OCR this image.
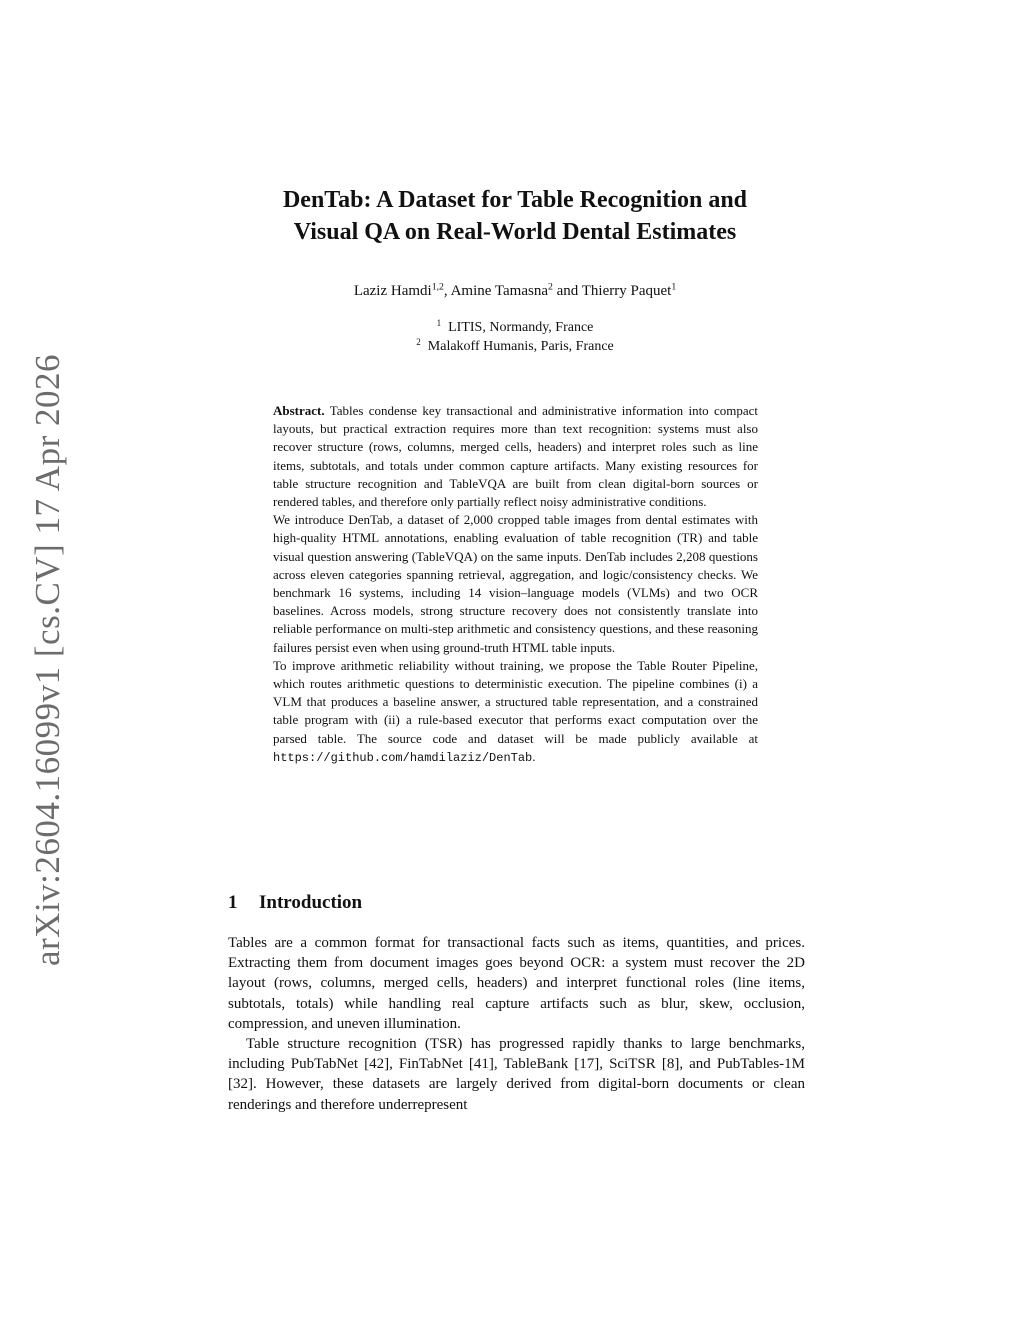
arXiv:2604.16099v1 [cs.CV] 17 Apr 2026
DenTab: A Dataset for Table Recognition and
Visual QA on Real-World Dental Estimates
Laziz Hamdi$^{1,2}$, Amine Tamasna$^2$ and Thierry Paquet$^1$
$^1$ LITIS, Normandy, France
$^2$ Malakoff Humanis, Paris, France

Abstract. Tables condense key transactional and administrative information into compact layouts, but practical extraction requires more than text recognition: systems must also recover structure (rows, columns, merged cells, headers) and interpret roles such as line items, subtotals, and totals under common capture artifacts. Many existing resources for table structure recognition and TableVQA are built from clean digital-born sources or rendered tables, and therefore only partially reflect noisy administrative conditions.

We introduce DenTab, a dataset of 2,000 cropped table images from dental estimates with high-quality HTML annotations, enabling evaluation of table recognition (TR) and table visual question answering (TableVQA) on the same inputs. DenTab includes 2,208 questions across eleven categories spanning retrieval, aggregation, and logic/consistency checks. We benchmark 16 systems, including 14 vision–language models (VLMs) and two OCR baselines. Across models, strong structure recovery does not consistently translate into reliable performance on multi-step arithmetic and consistency questions, and these reasoning failures persist even when using ground-truth HTML table inputs.

To improve arithmetic reliability without training, we propose the Table Router Pipeline, which routes arithmetic questions to deterministic execution. The pipeline combines (i) a VLM that produces a baseline answer, a structured table representation, and a constrained table program with (ii) a rule-based executor that performs exact computation over the parsed table. The source code and dataset will be made publicly available at https://github.com/hamdilaziz/DenTab.

1 Introduction

Tables are a common format for transactional facts such as items, quantities, and prices. Extracting them from document images goes beyond OCR: a system must recover the 2D layout (rows, columns, merged cells, headers) and interpret functional roles (line items, subtotals, totals) while handling real capture artifacts such as blur, skew, occlusion, compression, and uneven illumination.

Table structure recognition (TSR) has progressed rapidly thanks to large benchmarks, including PubTabNet [42], FinTabNet [41], TableBank [17], SciTSR [8], and PubTables-1M [32]. However, these datasets are largely derived from digital-born documents or clean renderings and therefore underrepresent
